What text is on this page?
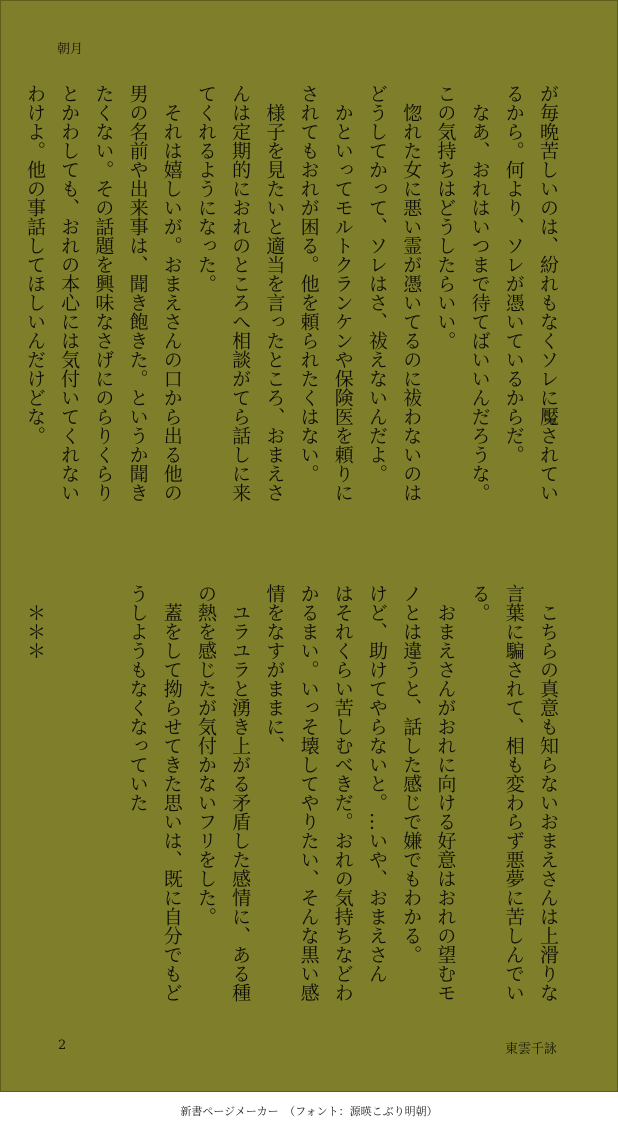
朝月

が毎晩苦しいのは、紛れもなくソレに魘されてい

るから。何より、ソレが憑いているからだ。

　なあ、おれはいつまで待てばいいんだろうな。

この気持ちはどうしたらいい。

　惚れた女に悪い霊が憑いてるのに祓わないのは

どうしてかって、ソレはさ、祓えないんだよ。

　かといってモルトクランケンや保険医を頼りに

されてもおれが困る。他を頼られたくはない。

　様子を見たいと適当を言ったところ、おまえさ

んは定期的におれのところへ相談がてら話しに来

てくれるようになった。

　それは嬉しいが。おまえさんの口から出る他の

男の名前や出来事は、聞き飽きた。というか聞き

たくない。その話題を興味なさげにのらりくらり

とかわしても、おれの本心には気付いてくれない

わけよ。他の事話してほしいんだけどな。

　こちらの真意も知らないおまえさんは上滑りな

言葉に騙されて、相も変わらず悪夢に苦しんでい

る。

　おまえさんがおれに向ける好意はおれの望むモ

ノとは違うと、話した感じで嫌でもわかる。

けど、助けてやらないと。…いや、おまえさん

はそれくらい苦しむべきだ。おれの気持ちなどわ

かるまい。いっそ壊してやりたい、そんな黒い感

情をなすがままに、

　ユラユラと湧き上がる矛盾した感情に、ある種

の熱を感じたが気付かないフリをした。

　蓋をして拗らせてきた思いは、既に自分でもど

うしようもなくなっていた

　＊＊＊

2	東雲千詠
新書ページメーカー　（フォント：源暎こぶり明朝）
